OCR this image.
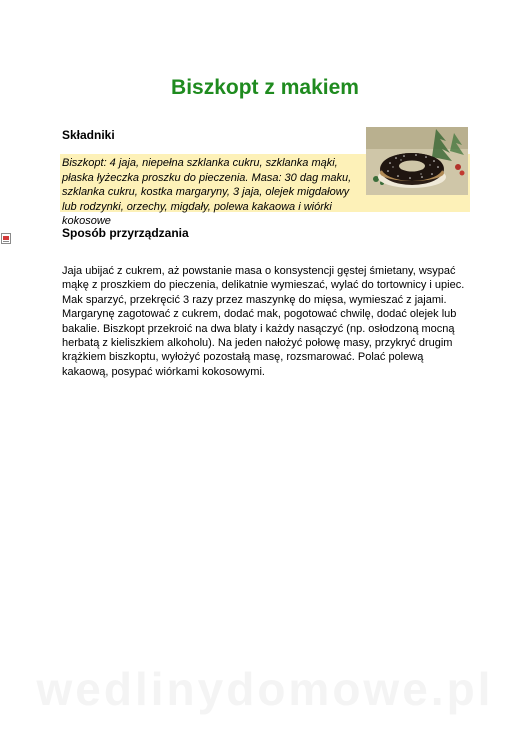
Biszkopt z makiem
Składniki

Biszkopt: 4 jaja, niepełna szklanka cukru, szklanka mąki, płaska łyżeczka proszku do pieczenia. Masa: 30 dag maku, szklanka cukru, kostka margaryny, 3 jaja, olejek migdałowy lub rodzynki, orzechy, migdały, polewa kakaowa i wiórki kokosowe

Sposób przyrządzania

Jaja ubijać z cukrem, aż powstanie masa o konsystencji gęstej śmietany, wsypać mąkę z proszkiem do pieczenia, delikatnie wymieszać, wylać do tortownicy i upiec. Mak sparzyć, przekręcić 3 razy przez maszynkę do mięsa, wymieszać z jajami. Margarynę zagotować z cukrem, dodać mak, pogotować chwilę, dodać olejek lub bakalie. Biszkopt przekroić na dwa blaty i każdy nasączyć (np. osłodzoną mocną herbatą z kieliszkiem alkoholu). Na jeden nałożyć połowę masy, przykryć drugim krążkiem biszkoptu, wyłożyć pozostałą masę, rozsmarować. Polać polewą kakaową, posypać wiórkami kokosowymi.

wedlinydomowe.pl
